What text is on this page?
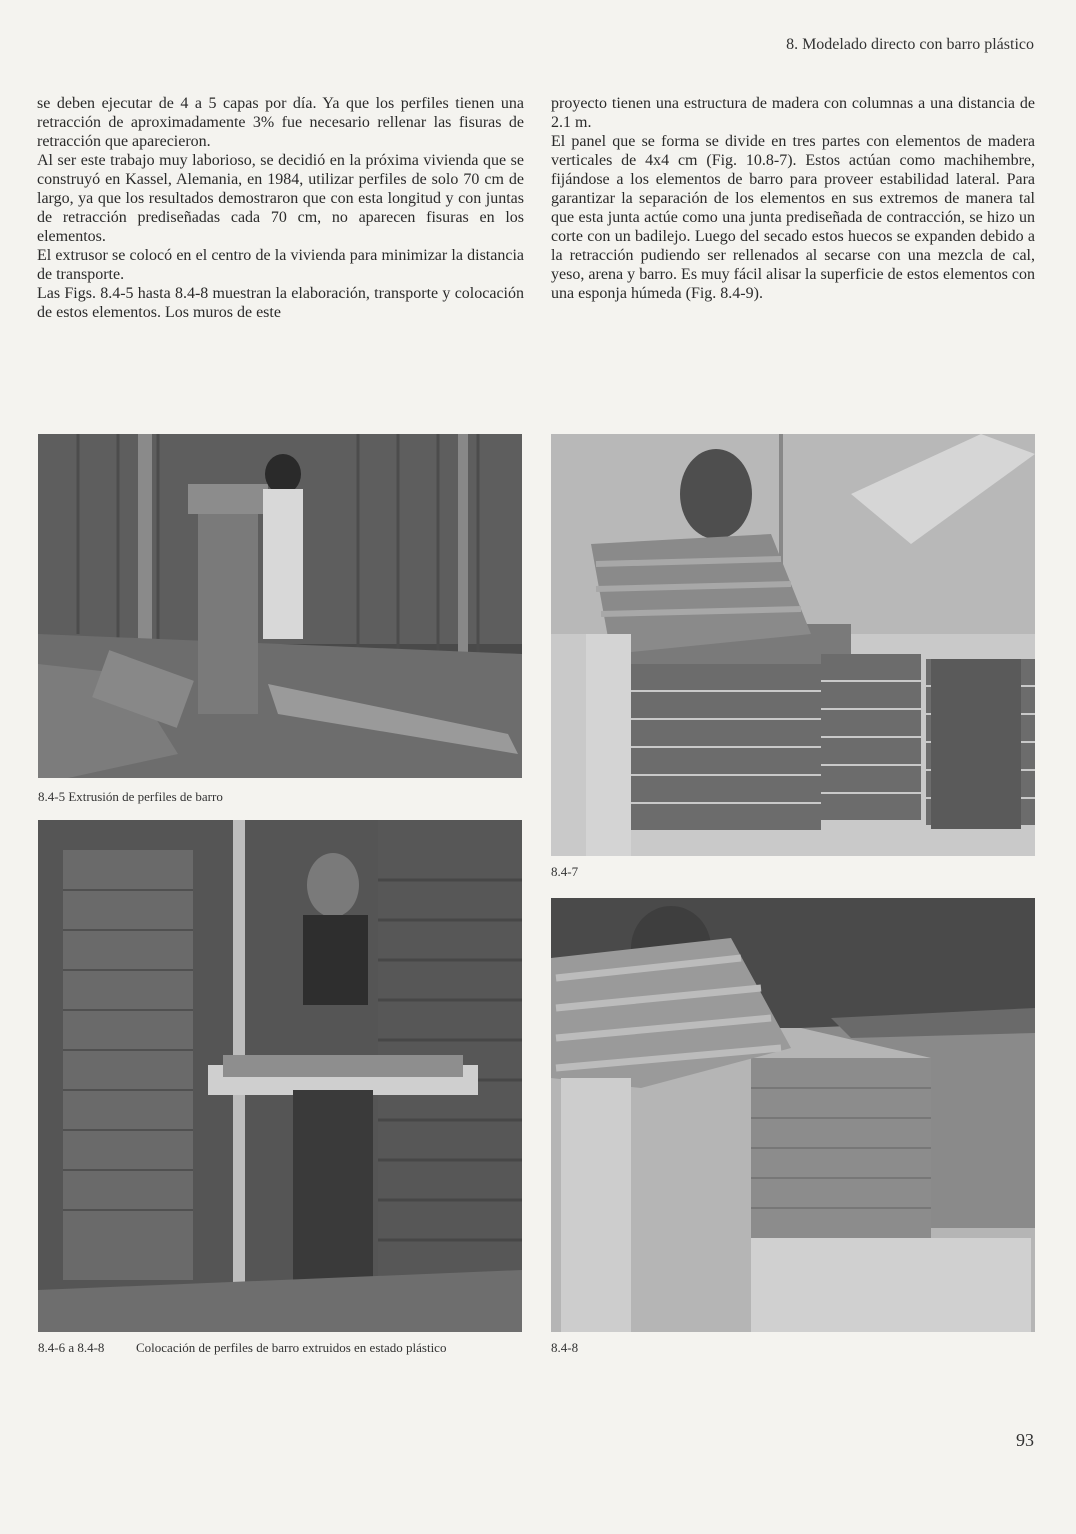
8. Modelado directo con barro plástico

se deben ejecutar de 4 a 5 capas por día. Ya que los perfiles tienen una retracción de aproximadamente 3% fue necesario rellenar las fisuras de retracción que aparecieron.

Al ser este trabajo muy laborioso, se decidió en la próxima vivienda que se construyó en Kassel, Alemania, en 1984, utilizar perfiles de solo 70 cm de largo, ya que los resultados demostraron que con esta longitud y con juntas de retracción prediseñadas cada 70 cm, no aparecen fisuras en los elementos.

El extrusor se colocó en el centro de la vivienda para minimizar la distancia de transporte.

Las Figs. 8.4-5 hasta 8.4-8 muestran la elaboración, transporte y colocación de estos elementos. Los muros de este

proyecto tienen una estructura de madera con columnas a una distancia de 2.1 m.

El panel que se forma se divide en tres partes con elementos de madera verticales de 4x4 cm (Fig. 10.8-7). Estos actúan como machihembre, fijándose a los elementos de barro para proveer estabilidad lateral. Para garantizar la separación de los elementos en sus extremos de manera tal que esta junta actúe como una junta prediseñada de contracción, se hizo un corte con un badilejo. Luego del secado estos huecos se expanden debido a la retracción pudiendo ser rellenados al secarse con una mezcla de cal, yeso, arena y barro. Es muy fácil alisar la superficie de estos elementos con una esponja húmeda (Fig. 8.4-9).

8.4-5 Extrusión de perfiles de barro
8.4-6 a 8.4-8 Colocación de perfiles de barro extruidos en estado plástico
8.4-7
8.4-8
93
